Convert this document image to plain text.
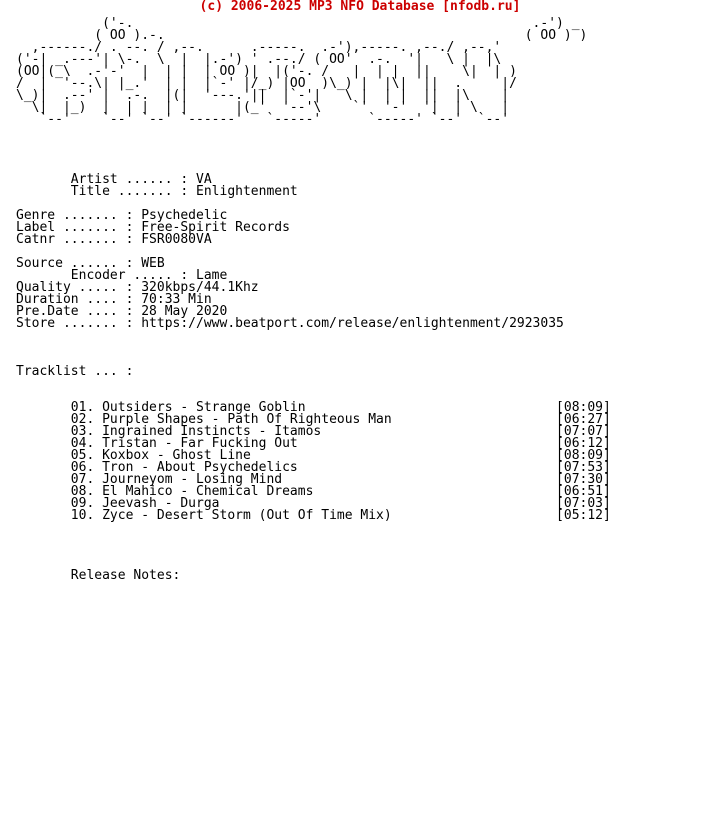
(c) 2006-2025 MP3 NFO Database [nfodb.ru]
('-.                                                   .-') _
( OO ).-.                                              ( OO ) )
,------./ . --. / ,--.      .-----.  .-'),-----. ,--./ ,--,'
('-| _.---'| \-.  \  |  |.-') ' .--./ ( OO'  .-.  '|   \ |  |\
(OO|(_\  .-'-'  |  | |  | OO )|  |('-. /   |  | |  ||    \|  | )
/  |  '--.\| |_.'  | |  |`-' |/_) |OO  )\_) |  |\|  ||  .     |/
\_)|  .--' |  .-.  |(|  '---.'||  |`-'|   \ |  | |  ||  |\    |
\|  |_)  |  | |  | |      |(_'  '--'\    `'  '-'  '|  | \   |
`--'    `--' `--' `------'   `-----'      `-----' `--'  `--'
Artist ...... : VA
Title ....... : Enlightenment
Genre ....... : Psychedelic
Label ....... : Free-Spirit Records
Catnr ....... : FSR0080VA
Source ...... : WEB
Encoder ..... : Lame
Quality ..... : 320kbps/44.1Khz
Duration .... : 70:33 Min
Pre.Date .... : 28 May 2020
Store ....... : https://www.beatport.com/release/enlightenment/2923035
Tracklist ... :
01. Outsiders - Strange Goblin                                [08:09]
02. Purple Shapes - Path Of Righteous Man                     [06:27]
03. Ingrained Instincts - Itamos                              [07:07]
04. Tristan - Far Fucking Out                                 [06:12]
05. Koxbox - Ghost Line                                       [08:09]
06. Tron - About Psychedelics                                 [07:53]
07. Journeyom - Losing Mind                                   [07:30]
08. El Mahico - Chemical Dreams                               [06:51]
09. Jeevash - Durga                                           [07:03]
10. Zyce - Desert Storm (Out Of Time Mix)                     [05:12]
Release Notes:
